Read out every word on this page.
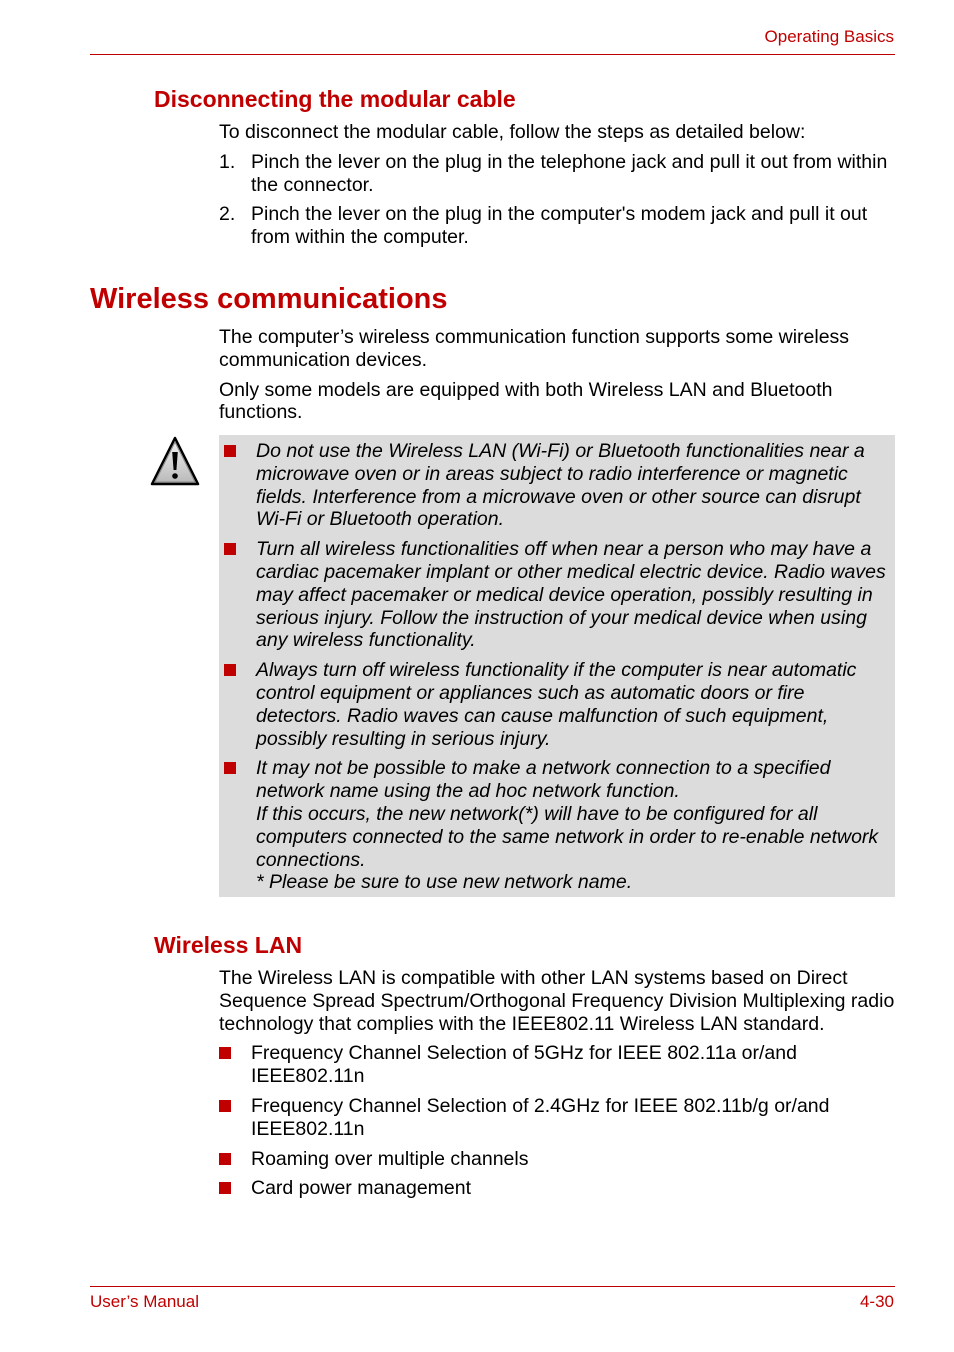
Operating Basics
Disconnecting the modular cable

To disconnect the modular cable, follow the steps as detailed below:

1. Pinch the lever on the plug in the telephone jack and pull it out from within the connector.
2. Pinch the lever on the plug in the computer's modem jack and pull it out from within the computer.
Wireless communications

The computer’s wireless communication function supports some wireless communication devices.

Only some models are equipped with both Wireless LAN and Bluetooth functions.

Do not use the Wireless LAN (Wi-Fi) or Bluetooth functionalities near a microwave oven or in areas subject to radio interference or magnetic fields. Interference from a microwave oven or other source can disrupt Wi-Fi or Bluetooth operation.
Turn all wireless functionalities off when near a person who may have a cardiac pacemaker implant or other medical electric device. Radio waves may affect pacemaker or medical device operation, possibly resulting in serious injury. Follow the instruction of your medical device when using any wireless functionality.
Always turn off wireless functionality if the computer is near automatic control equipment or appliances such as automatic doors or fire detectors. Radio waves can cause malfunction of such equipment, possibly resulting in serious injury.
It may not be possible to make a network connection to a specified network name using the ad hoc network function.
If this occurs, the new network(*) will have to be configured for all computers connected to the same network in order to re-enable network connections.
* Please be sure to use new network name.
Wireless LAN

The Wireless LAN is compatible with other LAN systems based on Direct Sequence Spread Spectrum/Orthogonal Frequency Division Multiplexing radio technology that complies with the IEEE802.11 Wireless LAN standard.

Frequency Channel Selection of 5GHz for IEEE 802.11a or/and IEEE802.11n
Frequency Channel Selection of 2.4GHz for IEEE 802.11b/g or/and IEEE802.11n
Roaming over multiple channels
Card power management
User’s Manual	4-30
